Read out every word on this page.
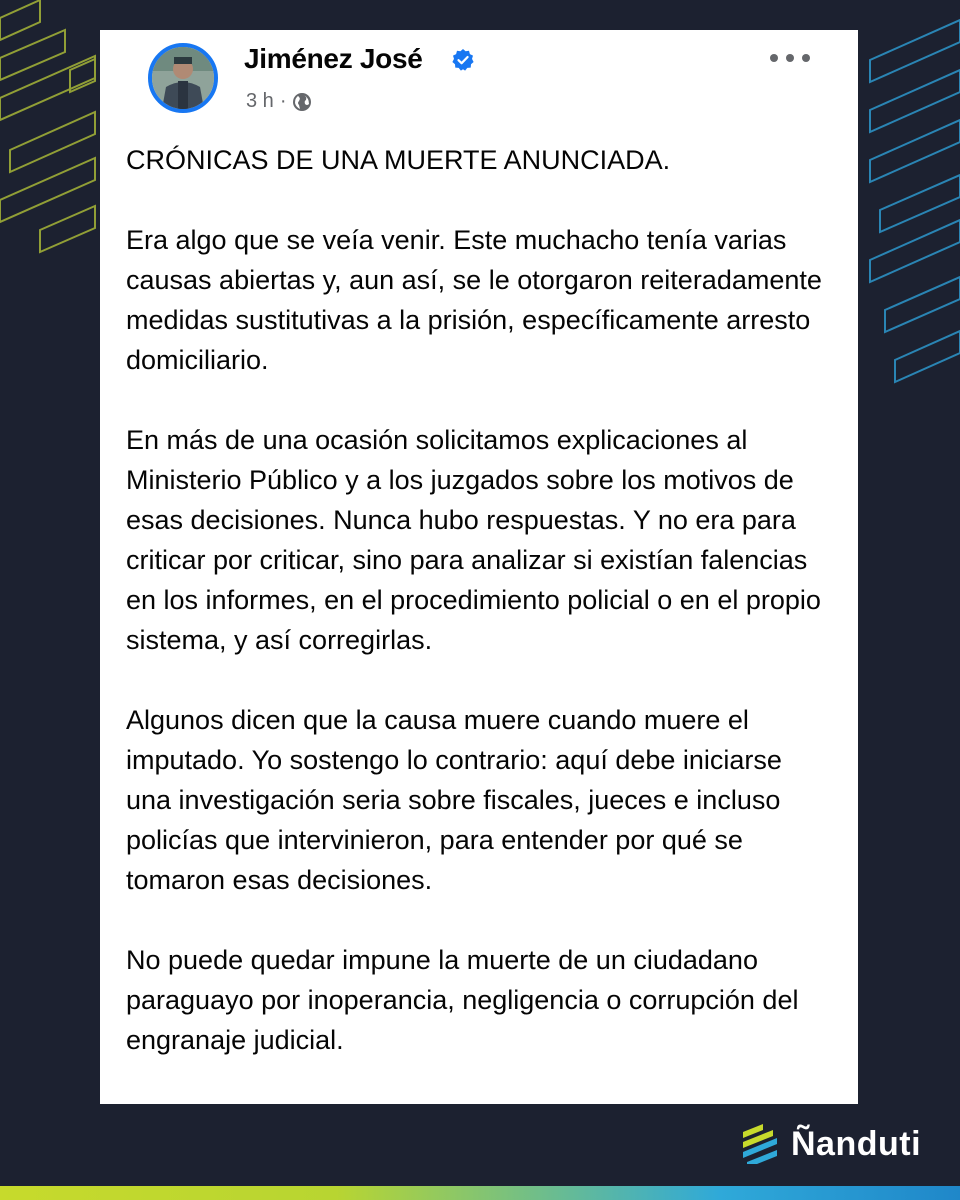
Jiménez José
3 h ·

CRÓNICAS DE UNA MUERTE ANUNCIADA.

Era algo que se veía venir. Este muchacho tenía varias causas abiertas y, aun así, se le otorgaron reiteradamente medidas sustitutivas a la prisión, específicamente arresto domiciliario.

En más de una ocasión solicitamos explicaciones al Ministerio Público y a los juzgados sobre los motivos de esas decisiones. Nunca hubo respuestas. Y no era para criticar por criticar, sino para analizar si existían falencias en los informes, en el procedimiento policial o en el propio sistema, y así corregirlas.

Algunos dicen que la causa muere cuando muere el imputado. Yo sostengo lo contrario: aquí debe iniciarse una investigación seria sobre fiscales, jueces e incluso policías que intervinieron, para entender por qué se tomaron esas decisiones.

No puede quedar impune la muerte de un ciudadano paraguayo por inoperancia, negligencia o corrupción del engranaje judicial.

Ñanduti
